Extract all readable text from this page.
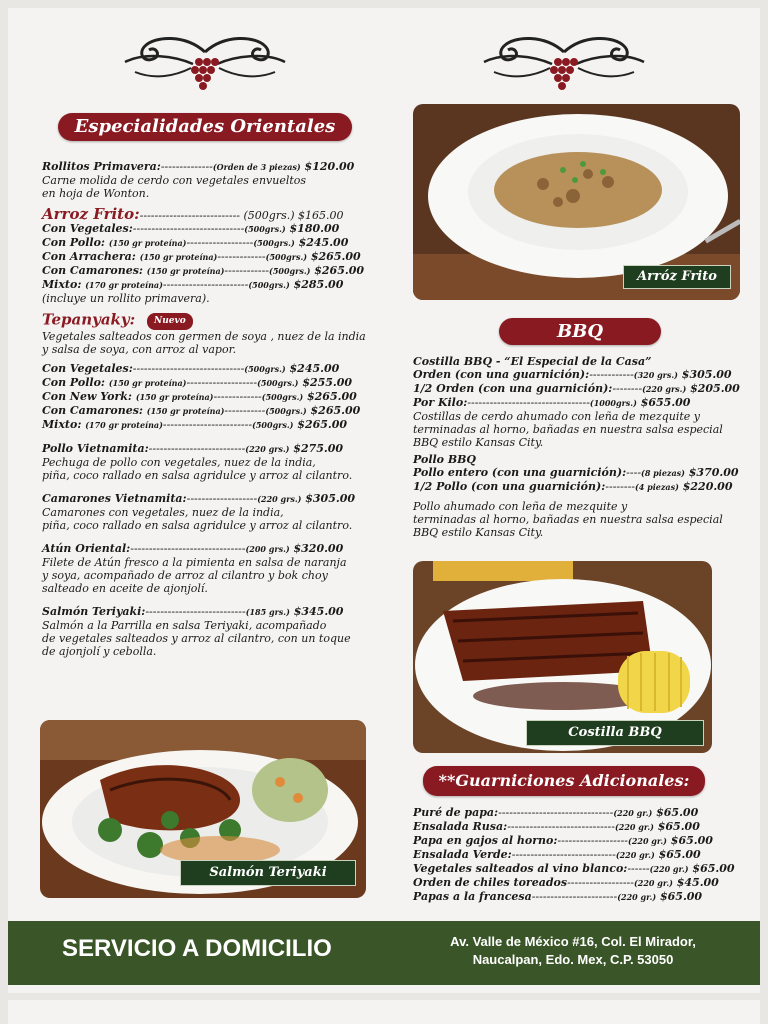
Especialidades Orientales
Rollitos Primavera:--------------(Orden de 3 piezas) $120.00
Carne molida de cerdo con vegetales envueltos
en hoja de Wonton.
Arroz Frito:--------------------------- (500grs.) $165.00
Con Vegetales:------------------------------(500grs.) $180.00
Con Pollo: (150 gr proteína)------------------(500grs.) $245.00
Con Arrachera: (150 gr proteína)-------------(500grs.) $265.00
Con Camarones: (150 gr proteína)------------(500grs.) $265.00
Mixto: (170 gr proteína)-----------------------(500grs.) $285.00
(incluye un rollito primavera).
Tepanyaky: Nuevo
Vegetales salteados con germen de soya , nuez de la india
y salsa de soya, con arroz al vapor.
Con Vegetales:------------------------------(500grs.) $245.00
Con Pollo: (150 gr proteína)-------------------(500grs.) $255.00
Con New York: (150 gr proteína)-------------(500grs.) $265.00
Con Camarones: (150 gr proteína)-----------(500grs.) $265.00
Mixto: (170 gr proteína)------------------------(500grs.) $265.00
Pollo Vietnamita:--------------------------(220 grs.) $275.00
Pechuga de pollo con vegetales, nuez de la india,
piña, coco rallado en salsa agridulce y arroz al cilantro.
Camarones Vietnamita:-------------------(220 grs.) $305.00
Camarones con vegetales, nuez de la india,
piña, coco rallado en salsa agridulce y arroz al cilantro.
Atún Oriental:-------------------------------(200 grs.) $320.00
Filete de Atún fresco a la pimienta en salsa de naranja
y soya, acompañado de arroz al cilantro y bok choy
salteado en aceite de ajonjolí.
Salmón Teriyaki:---------------------------(185 grs.) $345.00
Salmón a la Parrilla en salsa Teriyaki, acompañado
de vegetales salteados y arroz al cilantro, con un toque
de ajonjolí y cebolla.
Salmón Teriyaki
Arróz Frito
BBQ
Costilla BBQ - “El Especial de la Casa”
Orden (con una guarnición):------------(320 grs.) $305.00
1/2 Orden (con una guarnición):--------(220 grs.) $205.00
Por Kilo:---------------------------------(1000grs.) $655.00
Costillas de cerdo ahumado con leña de mezquite y
terminadas al horno, bañadas en nuestra salsa especial
BBQ estilo Kansas City.
Pollo BBQ
Pollo entero (con una guarnición):----(8 piezas) $370.00
1/2 Pollo (con una guarnición):--------(4 piezas) $220.00
Pollo ahumado con leña de mezquite y
terminadas al horno, bañadas en nuestra salsa especial
BBQ estilo Kansas City.
Costilla BBQ
**Guarniciones Adicionales:
Puré de papa:-------------------------------(220 gr.) $65.00
Ensalada Rusa:-----------------------------(220 gr.) $65.00
Papa en gajos al horno:-------------------(220 gr.) $65.00
Ensalada Verde:----------------------------(220 gr.) $65.00
Vegetales salteados al vino blanco:------(220 gr.) $65.00
Orden de chiles toreados------------------(220 gr.) $45.00
Papas a la francesa-----------------------(220 gr.) $65.00
SERVICIO A DOMICILIO	Av. Valle de México #16, Col. El Mirador,
Naucalpan, Edo. Mex, C.P. 53050
